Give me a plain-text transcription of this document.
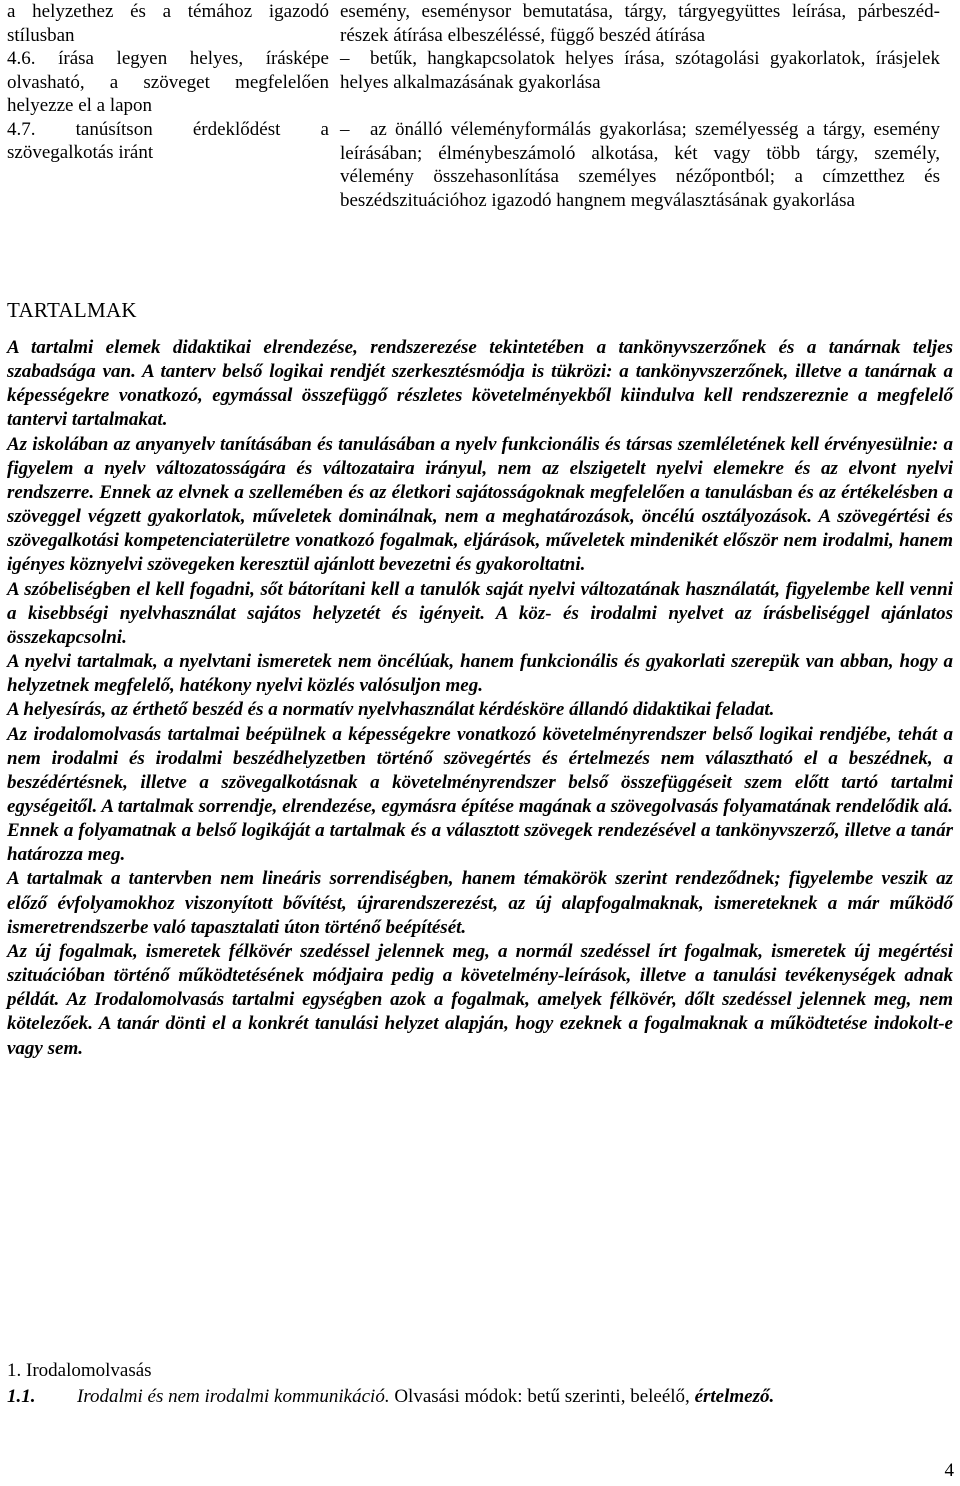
a helyzethez és a témához igazodó stílusban

4.6. írása legyen helyes, írásképe olvasható, a szöveget megfelelően helyezze el a lapon

4.7. tanúsítson érdeklődést a szövegalkotás iránt

esemény, eseménysor bemutatása, tárgy, tárgyegyüttes leírása, párbeszéd-részek átírása elbeszéléssé, függő beszéd átírása

– betűk, hangkapcsolatok helyes írása, szótagolási gyakorlatok, írásjelek helyes alkalmazásának gyakorlása

– az önálló véleményformálás gyakorlása; személyesség a tárgy, esemény leírásában; élménybeszámoló alkotása, két vagy több tárgy, személy, vélemény összehasonlítása személyes nézőpontból; a címzetthez és beszédszituációhoz igazodó hangnem megválasztásának gyakorlása

TARTALMAK

A tartalmi elemek didaktikai elrendezése, rendszerezése tekintetében a tankönyvszerzőnek és a tanárnak teljes szabadsága van. A tanterv belső logikai rendjét szerkesztésmódja is tükrözi: a tankönyvszerzőnek, illetve a tanárnak a képességekre vonatkozó, egymással összefüggő részletes követelményekből kiindulva kell rendszereznie a megfelelő tantervi tartalmakat.

Az iskolában az anyanyelv tanításában és tanulásában a nyelv funkcionális és társas szemléletének kell érvényesülnie: a figyelem a nyelv változatosságára és változataira irányul, nem az elszigetelt nyelvi elemekre és az elvont nyelvi rendszerre. Ennek az elvnek a szellemében és az életkori sajátosságoknak megfelelően a tanulásban és az értékelésben a szöveggel végzett gyakorlatok, műveletek dominálnak, nem a meghatározások, öncélú osztályozások. A szövegértési és szövegalkotási kompetenciaterületre vonatkozó fogalmak, eljárások, műveletek mindenikét először nem irodalmi, hanem igényes köznyelvi szövegeken keresztül ajánlott bevezetni és gyakoroltatni.

A szóbeliségben el kell fogadni, sőt bátorítani kell a tanulók saját nyelvi változatának használatát, figyelembe kell venni a kisebbségi nyelvhasználat sajátos helyzetét és igényeit. A köz- és irodalmi nyelvet az írásbeliséggel ajánlatos összekapcsolni.

A nyelvi tartalmak, a nyelvtani ismeretek nem öncélúak, hanem funkcionális és gyakorlati szerepük van abban, hogy a helyzetnek megfelelő, hatékony nyelvi közlés valósuljon meg.

A helyesírás, az érthető beszéd és a normatív nyelvhasználat kérdésköre állandó didaktikai feladat.

Az irodalomolvasás tartalmai beépülnek a képességekre vonatkozó követelményrendszer belső logikai rendjébe, tehát a nem irodalmi és irodalmi beszédhelyzetben történő szövegértés és értelmezés nem választható el a beszédnek, a beszédértésnek, illetve a szövegalkotásnak a követelményrendszer belső összefüggéseit szem előtt tartó tartalmi egységeitől. A tartalmak sorrendje, elrendezése, egymásra építése magának a szövegolvasás folyamatának rendelődik alá. Ennek a folyamatnak a belső logikáját a tartalmak és a választott szövegek rendezésével a tankönyvszerző, illetve a tanár határozza meg.

A tartalmak a tantervben nem lineáris sorrendiségben, hanem témakörök szerint rendeződnek; figyelembe veszik az előző évfolyamokhoz viszonyított bővítést, újrarendszerezést, az új alapfogalmaknak, ismereteknek a már működő ismeretrendszerbe való tapasztalati úton történő beépítését.

Az új fogalmak, ismeretek félkövér szedéssel jelennek meg, a normál szedéssel írt fogalmak, ismeretek új megértési szituációban történő működtetésének módjaira pedig a követelmény-leírások, illetve a tanulási tevékenységek adnak példát. Az Irodalomolvasás tartalmi egységben azok a fogalmak, amelyek félkövér, dőlt szedéssel jelennek meg, nem kötelezőek. A tanár dönti el a konkrét tanulási helyzet alapján, hogy ezeknek a fogalmaknak a működtetése indokolt-e vagy sem.

1. Irodalomolvasás
1.1. Irodalmi és nem irodalmi kommunikáció. Olvasási módok: betű szerinti, beleélő, értelmező.
4
